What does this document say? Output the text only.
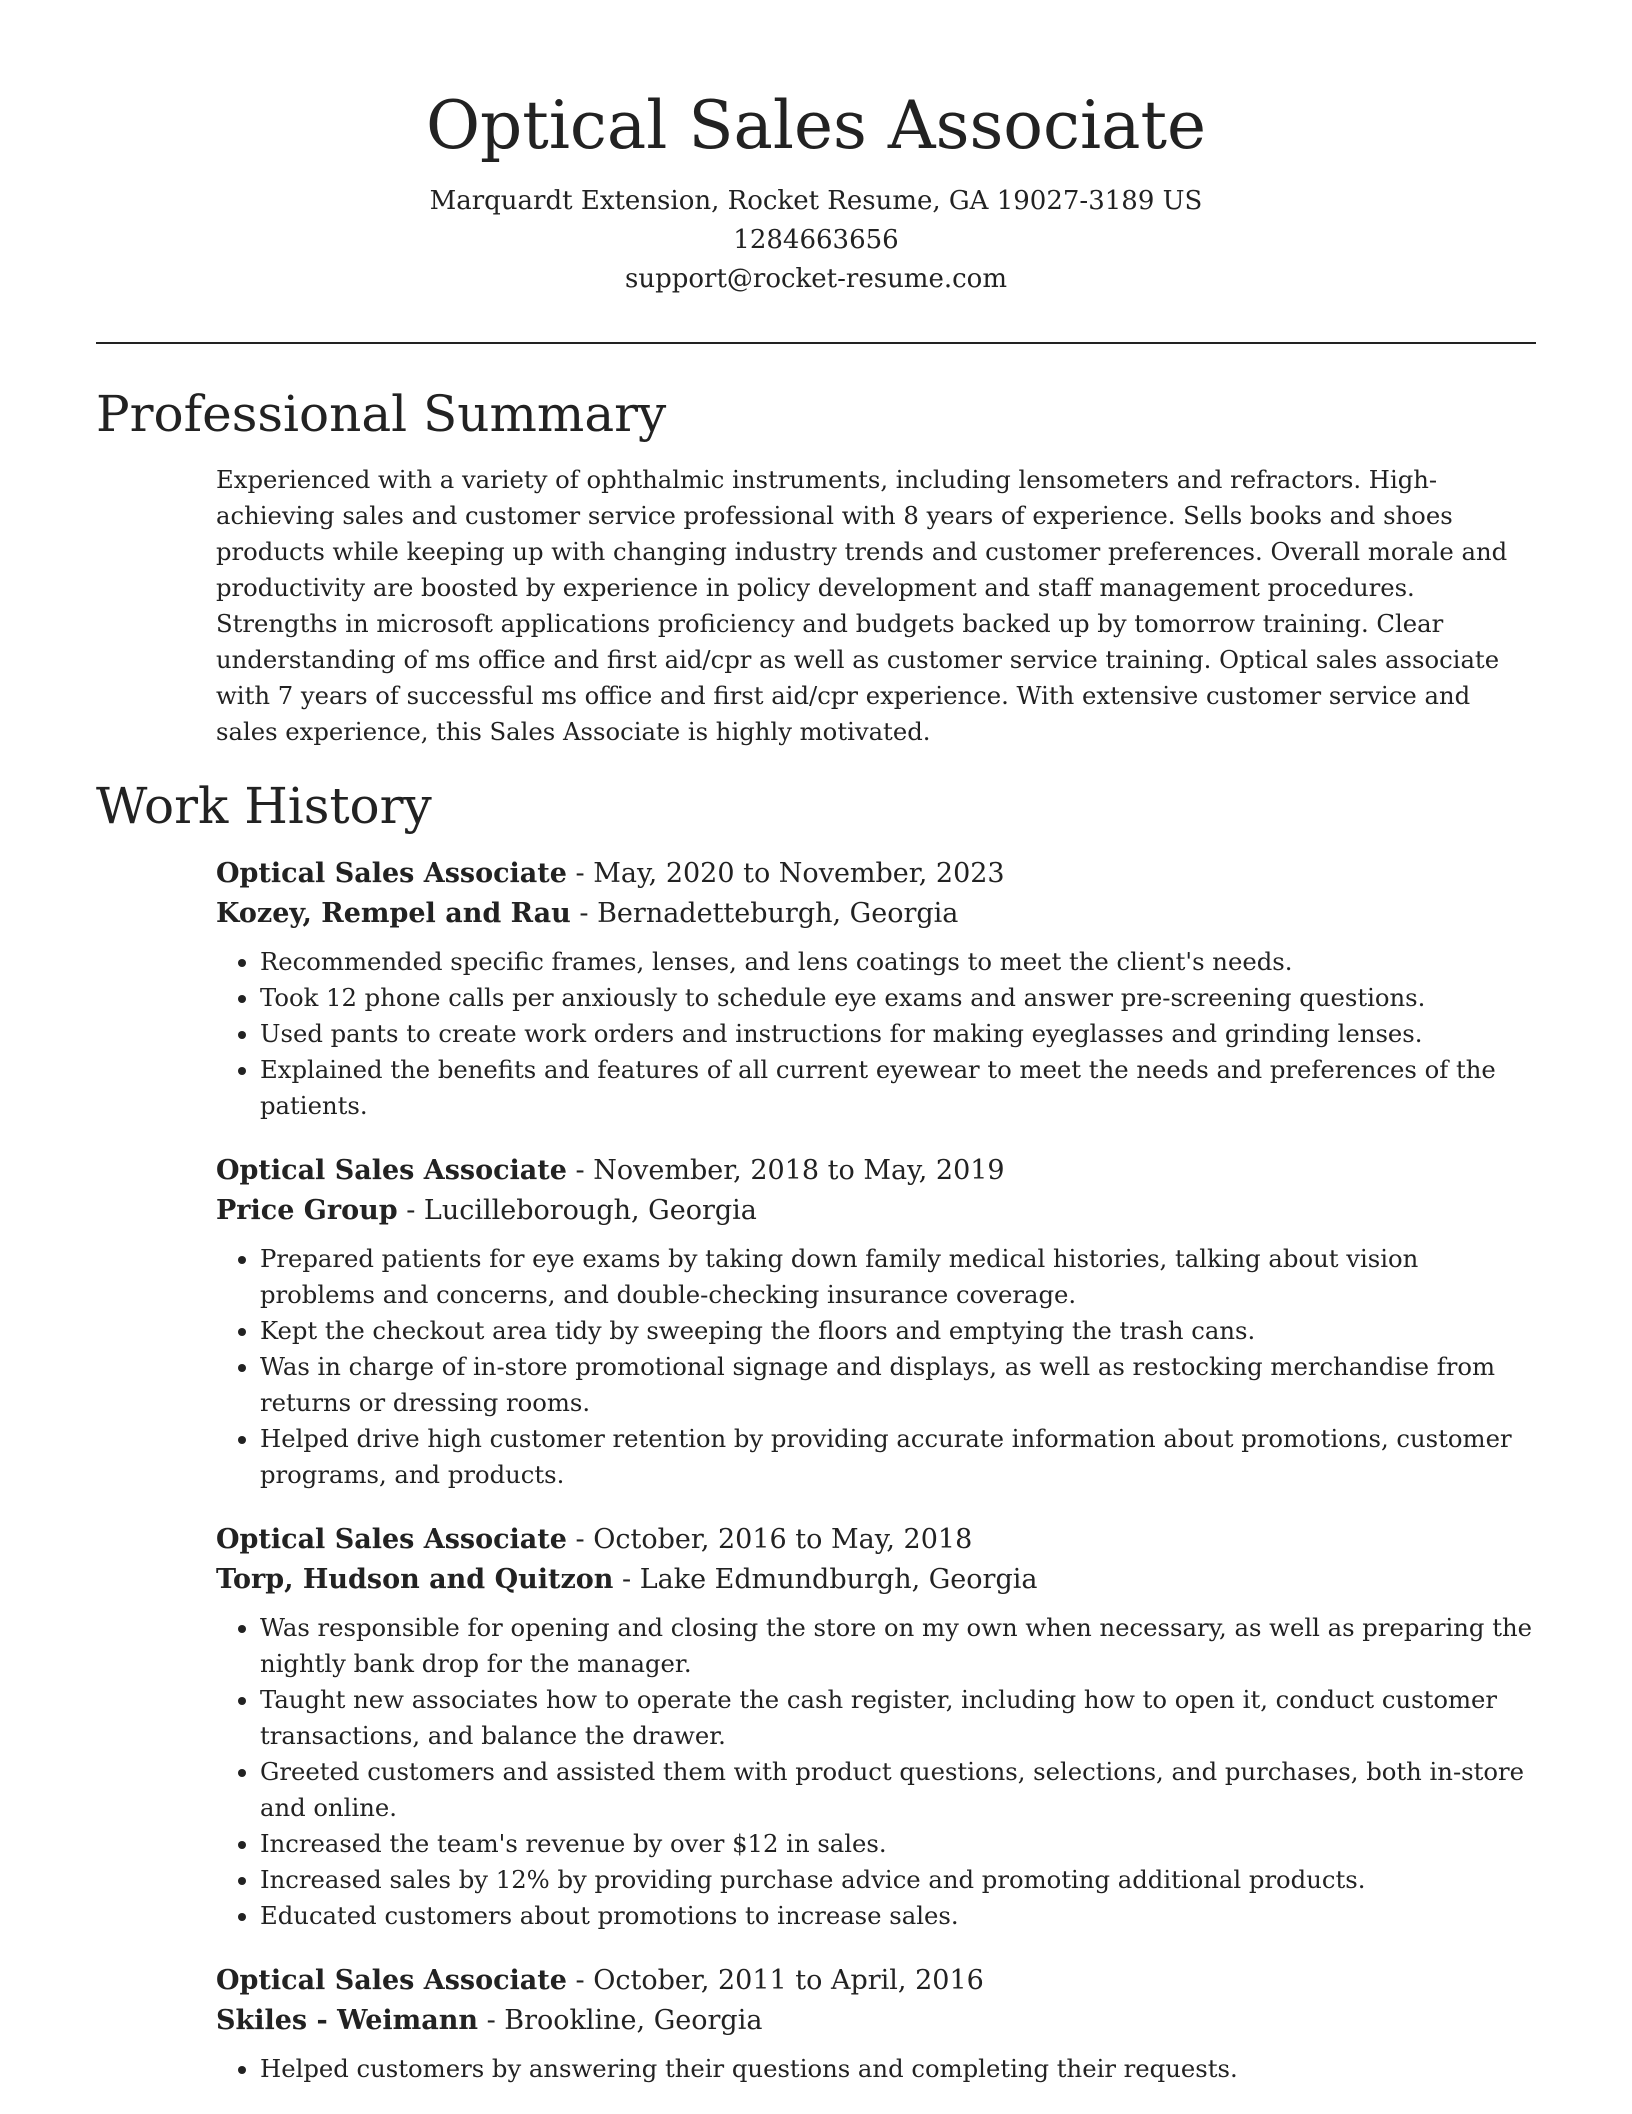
Optical Sales Associate
Marquardt Extension, Rocket Resume, GA 19027-3189 US
1284663656
support@rocket-resume.com
Professional Summary

Experienced with a variety of ophthalmic instruments, including lensometers and refractors. High-achieving sales and customer service professional with 8 years of experience. Sells books and shoes products while keeping up with changing industry trends and customer preferences. Overall morale and productivity are boosted by experience in policy development and staff management procedures. Strengths in microsoft applications proficiency and budgets backed up by tomorrow training. Clear understanding of ms office and first aid/cpr as well as customer service training. Optical sales associate with 7 years of successful ms office and first aid/cpr experience. With extensive customer service and sales experience, this Sales Associate is highly motivated.

Work History
Optical Sales Associate - May, 2020 to November, 2023
Kozey, Rempel and Rau - Bernadetteburgh, Georgia
• Recommended specific frames, lenses, and lens coatings to meet the client's needs.
• Took 12 phone calls per anxiously to schedule eye exams and answer pre-screening questions.
• Used pants to create work orders and instructions for making eyeglasses and grinding lenses.
• Explained the benefits and features of all current eyewear to meet the needs and preferences of the patients.
Optical Sales Associate - November, 2018 to May, 2019
Price Group - Lucilleborough, Georgia
• Prepared patients for eye exams by taking down family medical histories, talking about vision problems and concerns, and double-checking insurance coverage.
• Kept the checkout area tidy by sweeping the floors and emptying the trash cans.
• Was in charge of in-store promotional signage and displays, as well as restocking merchandise from returns or dressing rooms.
• Helped drive high customer retention by providing accurate information about promotions, customer programs, and products.
Optical Sales Associate - October, 2016 to May, 2018
Torp, Hudson and Quitzon - Lake Edmundburgh, Georgia
• Was responsible for opening and closing the store on my own when necessary, as well as preparing the nightly bank drop for the manager.
• Taught new associates how to operate the cash register, including how to open it, conduct customer transactions, and balance the drawer.
• Greeted customers and assisted them with product questions, selections, and purchases, both in-store and online.
• Increased the team's revenue by over $12 in sales.
• Increased sales by 12% by providing purchase advice and promoting additional products.
• Educated customers about promotions to increase sales.
Optical Sales Associate - October, 2011 to April, 2016
Skiles - Weimann - Brookline, Georgia
• Helped customers by answering their questions and completing their requests.
